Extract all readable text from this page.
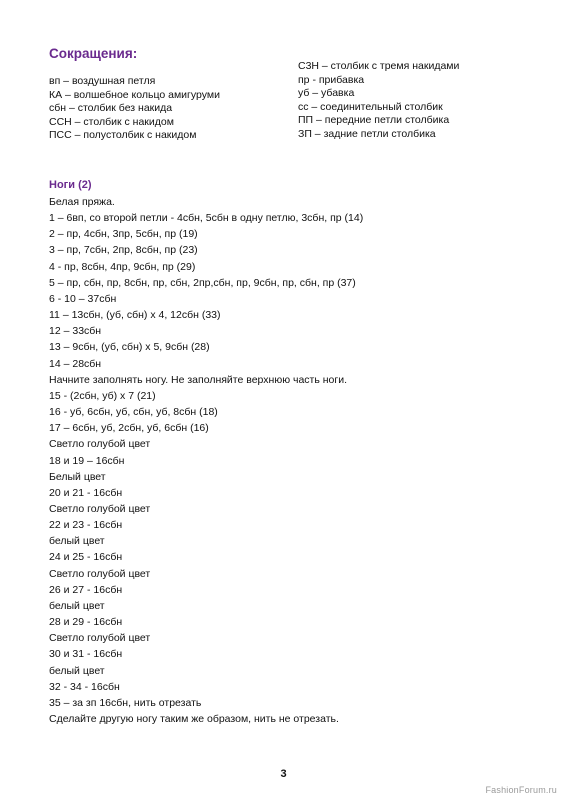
Сокращения:
вп – воздушная петля
КА – волшебное кольцо амигуруми
сбн – столбик без накида
ССН – столбик с накидом
ПСС – полустолбик с накидом
С3Н – столбик с тремя накидами
пр - прибавка
уб – убавка
сс – соединительный столбик
ПП – передние петли столбика
ЗП – задние петли столбика
Ноги (2)
Белая пряжа.
1 – 6вп, со второй петли - 4сбн, 5сбн в одну петлю, 3сбн, пр (14)
2 – пр, 4сбн, 3пр, 5сбн, пр (19)
3 – пр, 7сбн, 2пр, 8сбн, пр (23)
4 - пр, 8сбн, 4пр, 9сбн, пр (29)
5 – пр, сбн, пр, 8сбн, пр, сбн, 2пр,сбн, пр, 9сбн, пр, сбн, пр (37)
6 - 10 – 37сбн
11 – 13сбн, (уб, сбн) х 4, 12сбн (33)
12 – 33сбн
13 – 9сбн, (уб, сбн) х 5, 9сбн (28)
14 – 28сбн
Начните заполнять ногу. Не заполняйте верхнюю часть ноги.
15 - (2сбн, уб) х 7 (21)
16 - уб, 6сбн, уб, сбн, уб, 8сбн (18)
17 – 6сбн, уб, 2сбн, уб, 6сбн (16)
Светло голубой цвет
18 и 19 – 16сбн
Белый цвет
20 и 21 - 16сбн
Светло голубой цвет
22 и 23 - 16сбн
белый цвет
24 и 25 - 16сбн
Светло голубой цвет
26 и 27 - 16сбн
белый цвет
28 и 29 - 16сбн
Светло голубой цвет
30 и 31 - 16сбн
белый цвет
32 - 34 - 16сбн
35 – за зп 16сбн, нить отрезать
Сделайте другую ногу таким же образом, нить не отрезать.
3
FashionForum.ru
